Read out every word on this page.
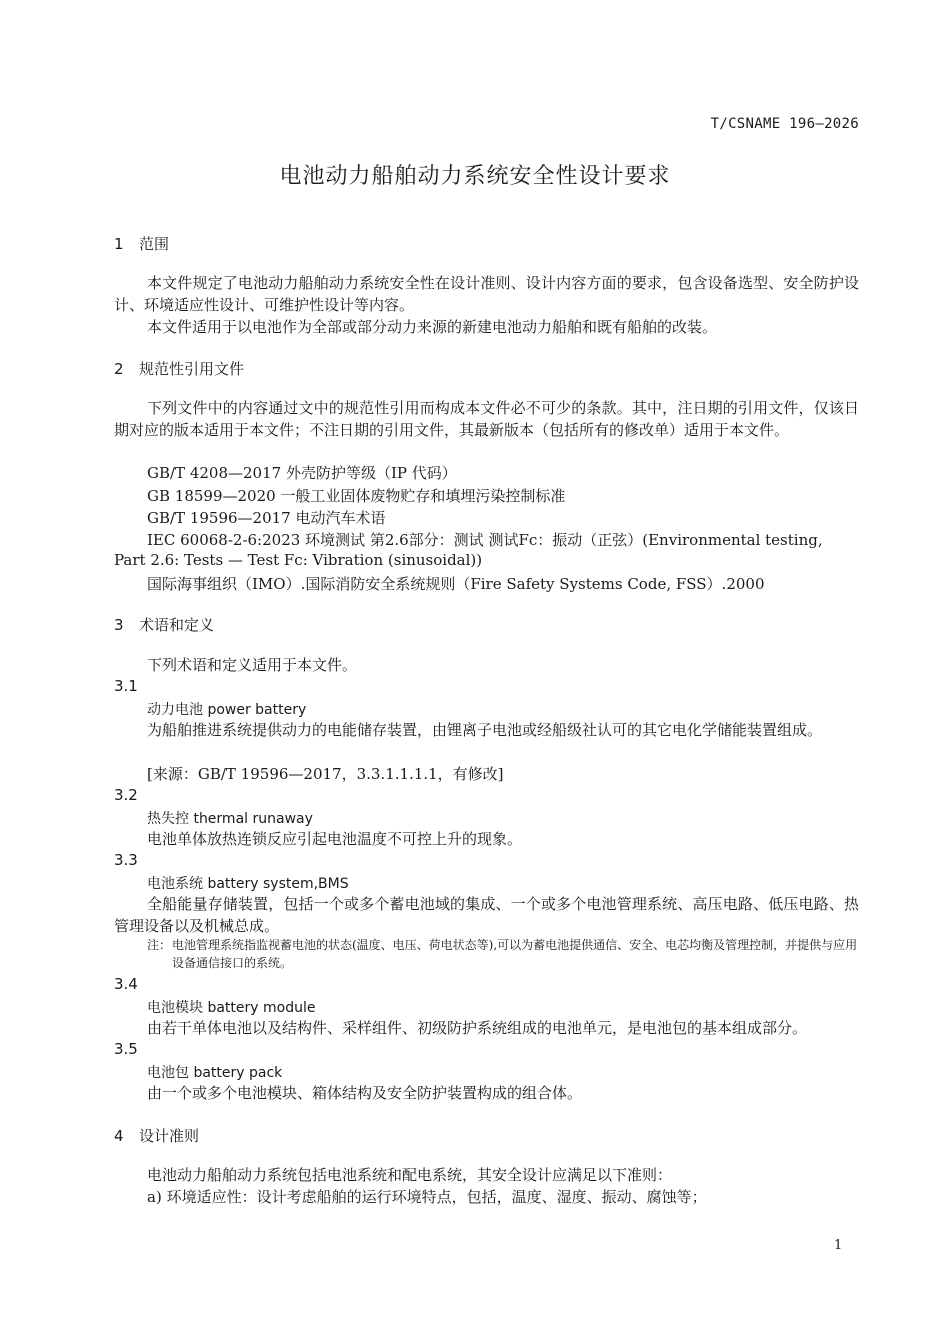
T/CSNAME 196—2026
电池动力船舶动力系统安全性设计要求
1 范围
本文件规定了电池动力船舶动力系统安全性在设计准则、设计内容方面的要求，包含设备选型、安全防护设计、环境适应性设计、可维护性设计等内容。
本文件适用于以电池作为全部或部分动力来源的新建电池动力船舶和既有船舶的改装。
2 规范性引用文件
下列文件中的内容通过文中的规范性引用而构成本文件必不可少的条款。其中，注日期的引用文件，仅该日期对应的版本适用于本文件；不注日期的引用文件，其最新版本（包括所有的修改单）适用于本文件。
GB/T 4208—2017 外壳防护等级（IP 代码）
GB 18599—2020 一般工业固体废物贮存和填埋污染控制标准
GB/T 19596—2017 电动汽车术语
IEC 60068-2-6:2023 环境测试 第2.6部分：测试 测试Fc：振动（正弦）(Environmental testing,
Part 2.6: Tests — Test Fc: Vibration (sinusoidal))
国际海事组织（IMO）.国际消防安全系统规则（Fire Safety Systems Code, FSS）.2000
3 术语和定义
下列术语和定义适用于本文件。
3.1
动力电池 power battery
为船舶推进系统提供动力的电能储存装置，由锂离子电池或经船级社认可的其它电化学储能装置组成。
[来源：GB/T 19596—2017，3.3.1.1.1.1，有修改]
3.2
热失控 thermal runaway
电池单体放热连锁反应引起电池温度不可控上升的现象。
3.3
电池系统 battery system,BMS
全船能量存储装置，包括一个或多个蓄电池域的集成、一个或多个电池管理系统、高压电路、低压电路、热管理设备以及机械总成。
注： 电池管理系统指监视蓄电池的状态(温度、电压、荷电状态等),可以为蓄电池提供通信、安全、电芯均衡及管理控制，并提供与应用设备通信接口的系统。
3.4
电池模块 battery module
由若干单体电池以及结构件、采样组件、初级防护系统组成的电池单元，是电池包的基本组成部分。
3.5
电池包 battery pack
由一个或多个电池模块、箱体结构及安全防护装置构成的组合体。
4 设计准则
电池动力船舶动力系统包括电池系统和配电系统，其安全设计应满足以下准则：
a) 环境适应性：设计考虑船舶的运行环境特点，包括，温度、湿度、振动、腐蚀等；
1
